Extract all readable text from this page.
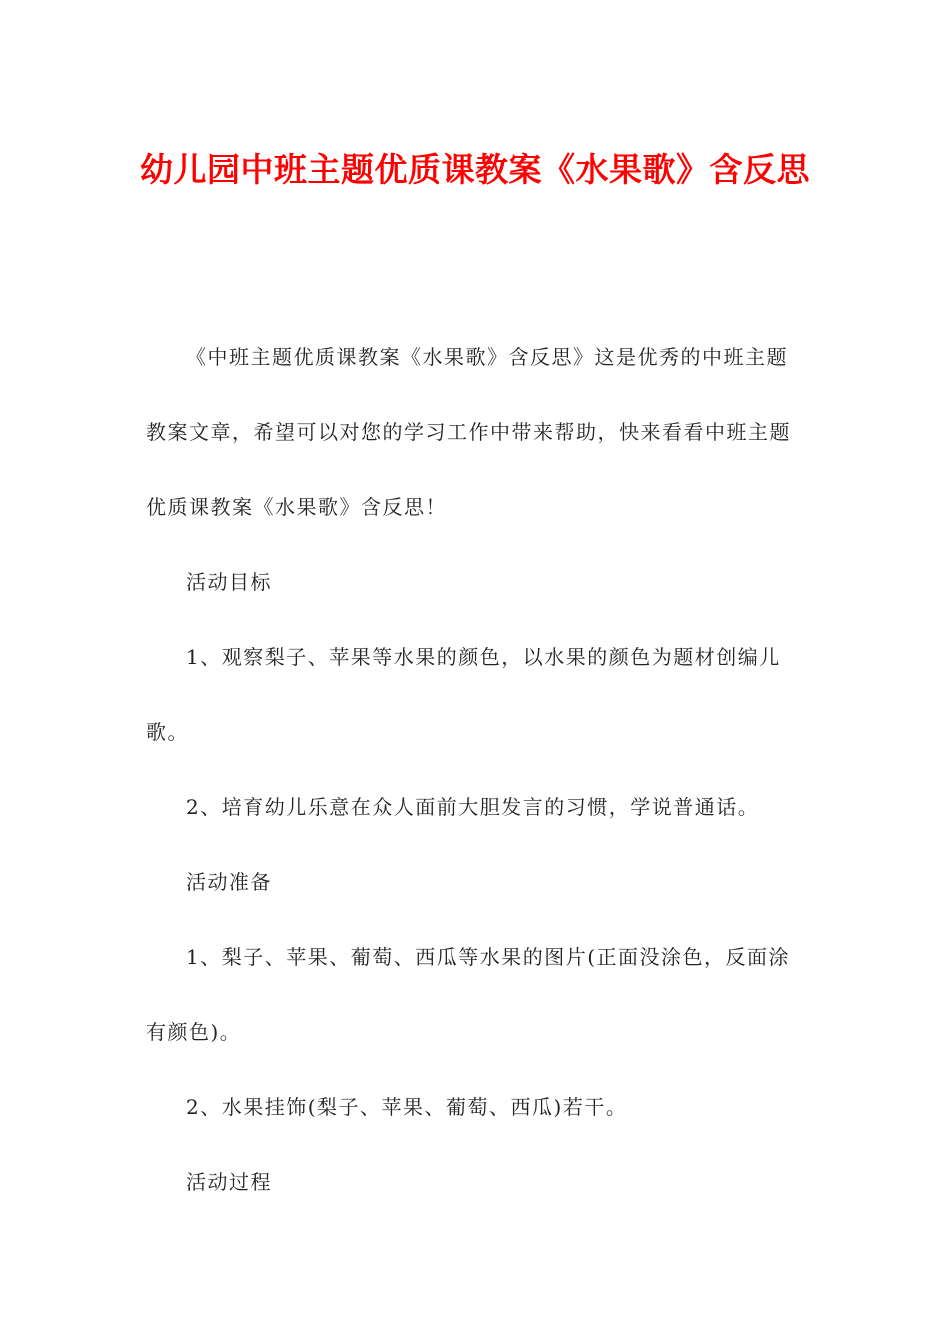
幼儿园中班主题优质课教案《水果歌》含反思

《中班主题优质课教案《水果歌》含反思》这是优秀的中班主题教案文章，希望可以对您的学习工作中带来帮助，快来看看中班主题优质课教案《水果歌》含反思！

活动目标

1、观察梨子、苹果等水果的颜色，以水果的颜色为题材创编儿歌。

2、培育幼儿乐意在众人面前大胆发言的习惯，学说普通话。

活动准备

1、梨子、苹果、葡萄、西瓜等水果的图片(正面没涂色，反面涂有颜色)。

2、水果挂饰(梨子、苹果、葡萄、西瓜)若干。

活动过程
